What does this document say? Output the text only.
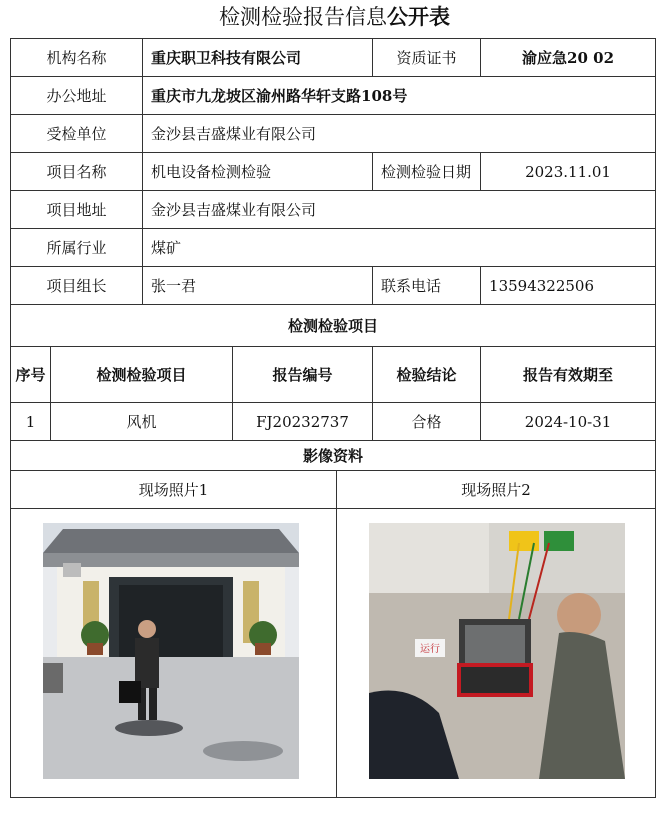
检测检验报告信息公开表
机构名称		重庆职卫科技有限公司			资质证书	渝应急20 02
办公地址		重庆市九龙坡区渝州路华轩支路108号				
受检单位		金沙县吉盛煤业有限公司				
项目名称		机电设备检测检验			检测检验日期	2023.11.01
项目地址		金沙县吉盛煤业有限公司				
所属行业		煤矿				
项目组长		张一君			联系电话	13594322506
检测检验项目						
序号	检测检验项目		报告编号		检验结论	报告有效期至
1	风机		FJ20232737		合格	2024-10-31
影像资料						
现场照片1				现场照片2		

运行		
